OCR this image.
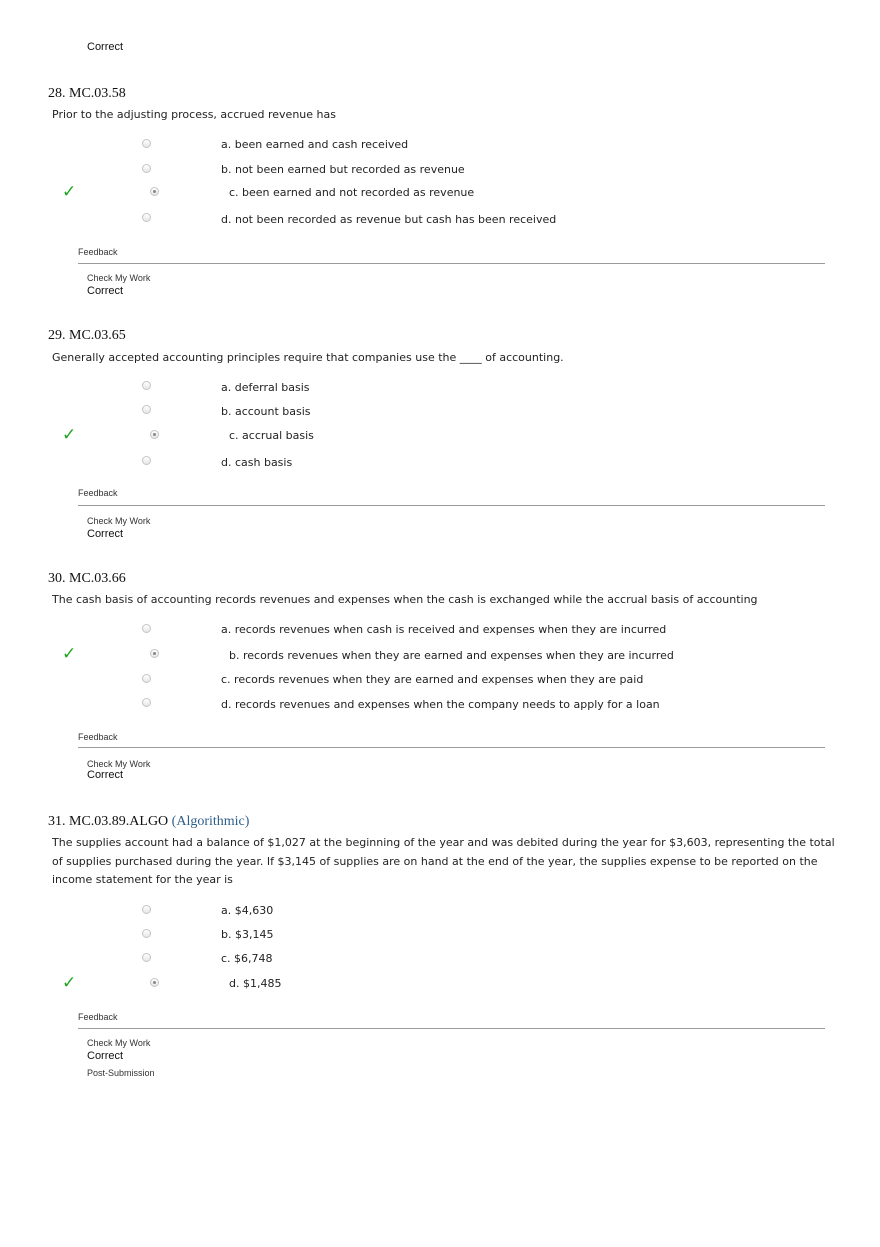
Correct
28. MC.03.58
Prior to the adjusting process, accrued revenue has
a. been earned and cash received
b. not been earned but recorded as revenue
✓	c. been earned and not recorded as revenue
d. not been recorded as revenue but cash has been received
Feedback
Check My Work
Correct
29. MC.03.65
Generally accepted accounting principles require that companies use the ____ of accounting.
a. deferral basis
b. account basis
✓	c. accrual basis
d. cash basis
Feedback
Check My Work
Correct
30. MC.03.66
The cash basis of accounting records revenues and expenses when the cash is exchanged while the accrual basis of accounting
a. records revenues when cash is received and expenses when they are incurred
✓	b. records revenues when they are earned and expenses when they are incurred
c. records revenues when they are earned and expenses when they are paid
d. records revenues and expenses when the company needs to apply for a loan
Feedback
Check My Work
Correct
31. MC.03.89.ALGO (Algorithmic)
The supplies account had a balance of $1,027 at the beginning of the year and was debited during the year for $3,603, representing the total of supplies purchased during the year. If $3,145 of supplies are on hand at the end of the year, the supplies expense to be reported on the income statement for the year is
a. $4,630
b. $3,145
c. $6,748
✓	d. $1,485
Feedback
Check My Work
Correct
Post-Submission
